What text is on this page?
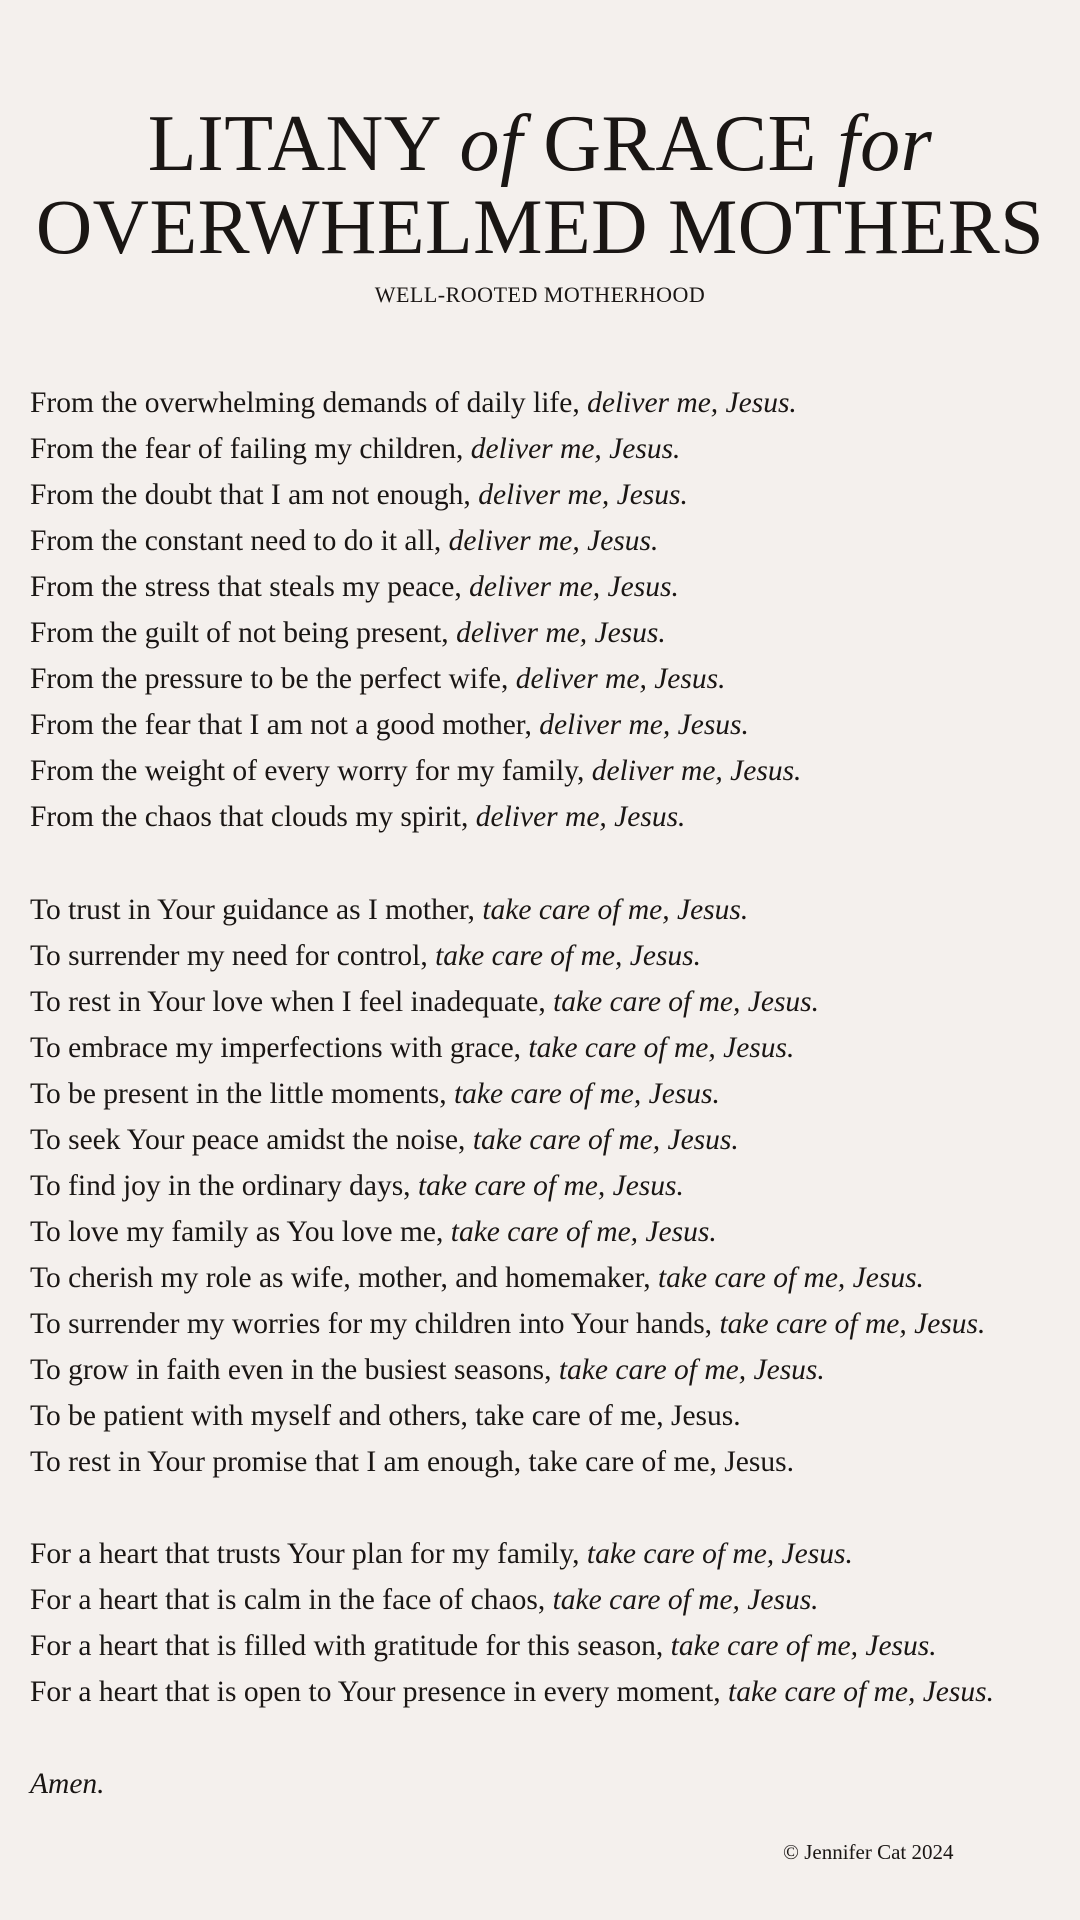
LITANY of GRACE for
OVERWHELMED MOTHERS

WELL-ROOTED MOTHERHOOD

From the overwhelming demands of daily life, deliver me, Jesus.
From the fear of failing my children, deliver me, Jesus.
From the doubt that I am not enough, deliver me, Jesus.
From the constant need to do it all, deliver me, Jesus.
From the stress that steals my peace, deliver me, Jesus.
From the guilt of not being present, deliver me, Jesus.
From the pressure to be the perfect wife, deliver me, Jesus.
From the fear that I am not a good mother, deliver me, Jesus.
From the weight of every worry for my family, deliver me, Jesus.
From the chaos that clouds my spirit, deliver me, Jesus.
To trust in Your guidance as I mother, take care of me, Jesus.
To surrender my need for control, take care of me, Jesus.
To rest in Your love when I feel inadequate, take care of me, Jesus.
To embrace my imperfections with grace, take care of me, Jesus.
To be present in the little moments, take care of me, Jesus.
To seek Your peace amidst the noise, take care of me, Jesus.
To find joy in the ordinary days, take care of me, Jesus.
To love my family as You love me, take care of me, Jesus.
To cherish my role as wife, mother, and homemaker, take care of me, Jesus.
To surrender my worries for my children into Your hands, take care of me, Jesus.
To grow in faith even in the busiest seasons, take care of me, Jesus.
To be patient with myself and others, take care of me, Jesus.
To rest in Your promise that I am enough, take care of me, Jesus.
For a heart that trusts Your plan for my family, take care of me, Jesus.
For a heart that is calm in the face of chaos, take care of me, Jesus.
For a heart that is filled with gratitude for this season, take care of me, Jesus.
For a heart that is open to Your presence in every moment, take care of me, Jesus.

Amen.

© Jennifer Cat 2024
